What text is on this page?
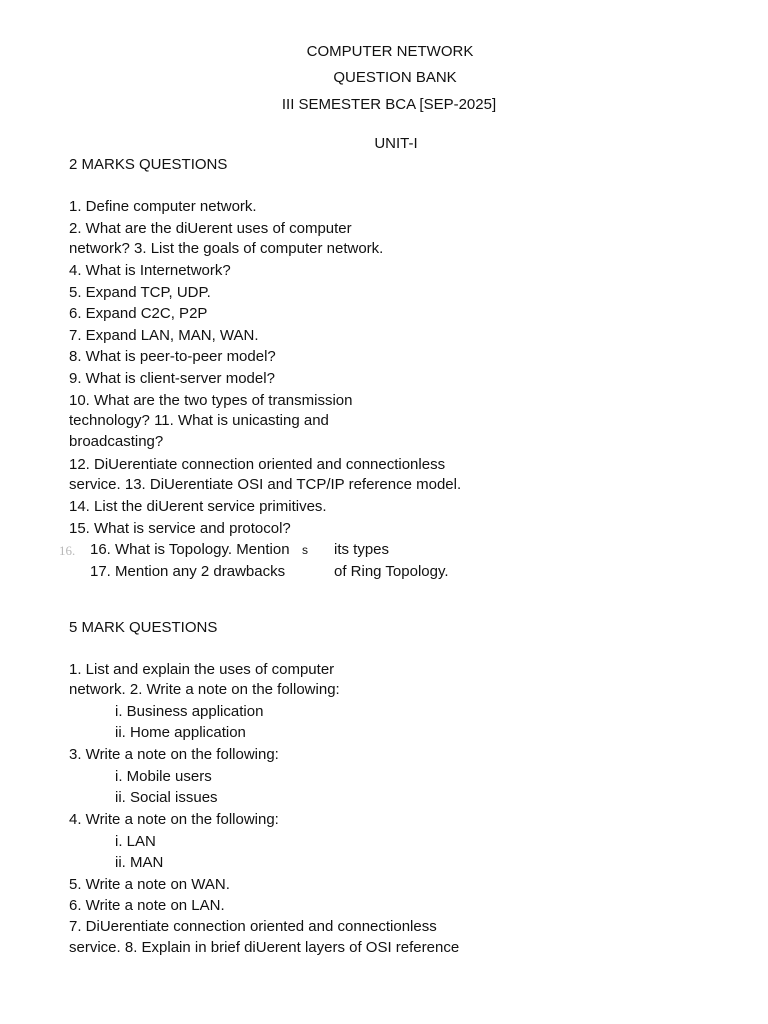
COMPUTER NETWORK
QUESTION BANK
III SEMESTER BCA [SEP-2025]
UNIT-I
2 MARKS QUESTIONS
1. Define computer network.
2. What are the diUerent uses of computer
network? 3. List the goals of computer network.
4. What is Internetwork?
5. Expand TCP, UDP.
6. Expand C2C, P2P
7. Expand LAN, MAN, WAN.
8. What is peer-to-peer model?
9. What is client-server model?
10. What are the two types of transmission
technology? 11. What is unicasting and
broadcasting?
12. DiUerentiate connection oriented and connectionless
service. 13. DiUerentiate OSI and TCP/IP reference model.
14. List the diUerent service primitives.
15. What is service and protocol?
16. 16. What is Topology. Mention s its types
17. Mention any 2 drawbacks	of Ring Topology.
5 MARK QUESTIONS
1. List and explain the uses of computer
network. 2. Write a note on the following:
i. Business application
ii. Home application
3. Write a note on the following:
i. Mobile users
ii. Social issues
4. Write a note on the following:
i. LAN
ii. MAN
5. Write a note on WAN.
6. Write a note on LAN.
7. DiUerentiate connection oriented and connectionless
service. 8. Explain in brief diUerent layers of OSI reference
